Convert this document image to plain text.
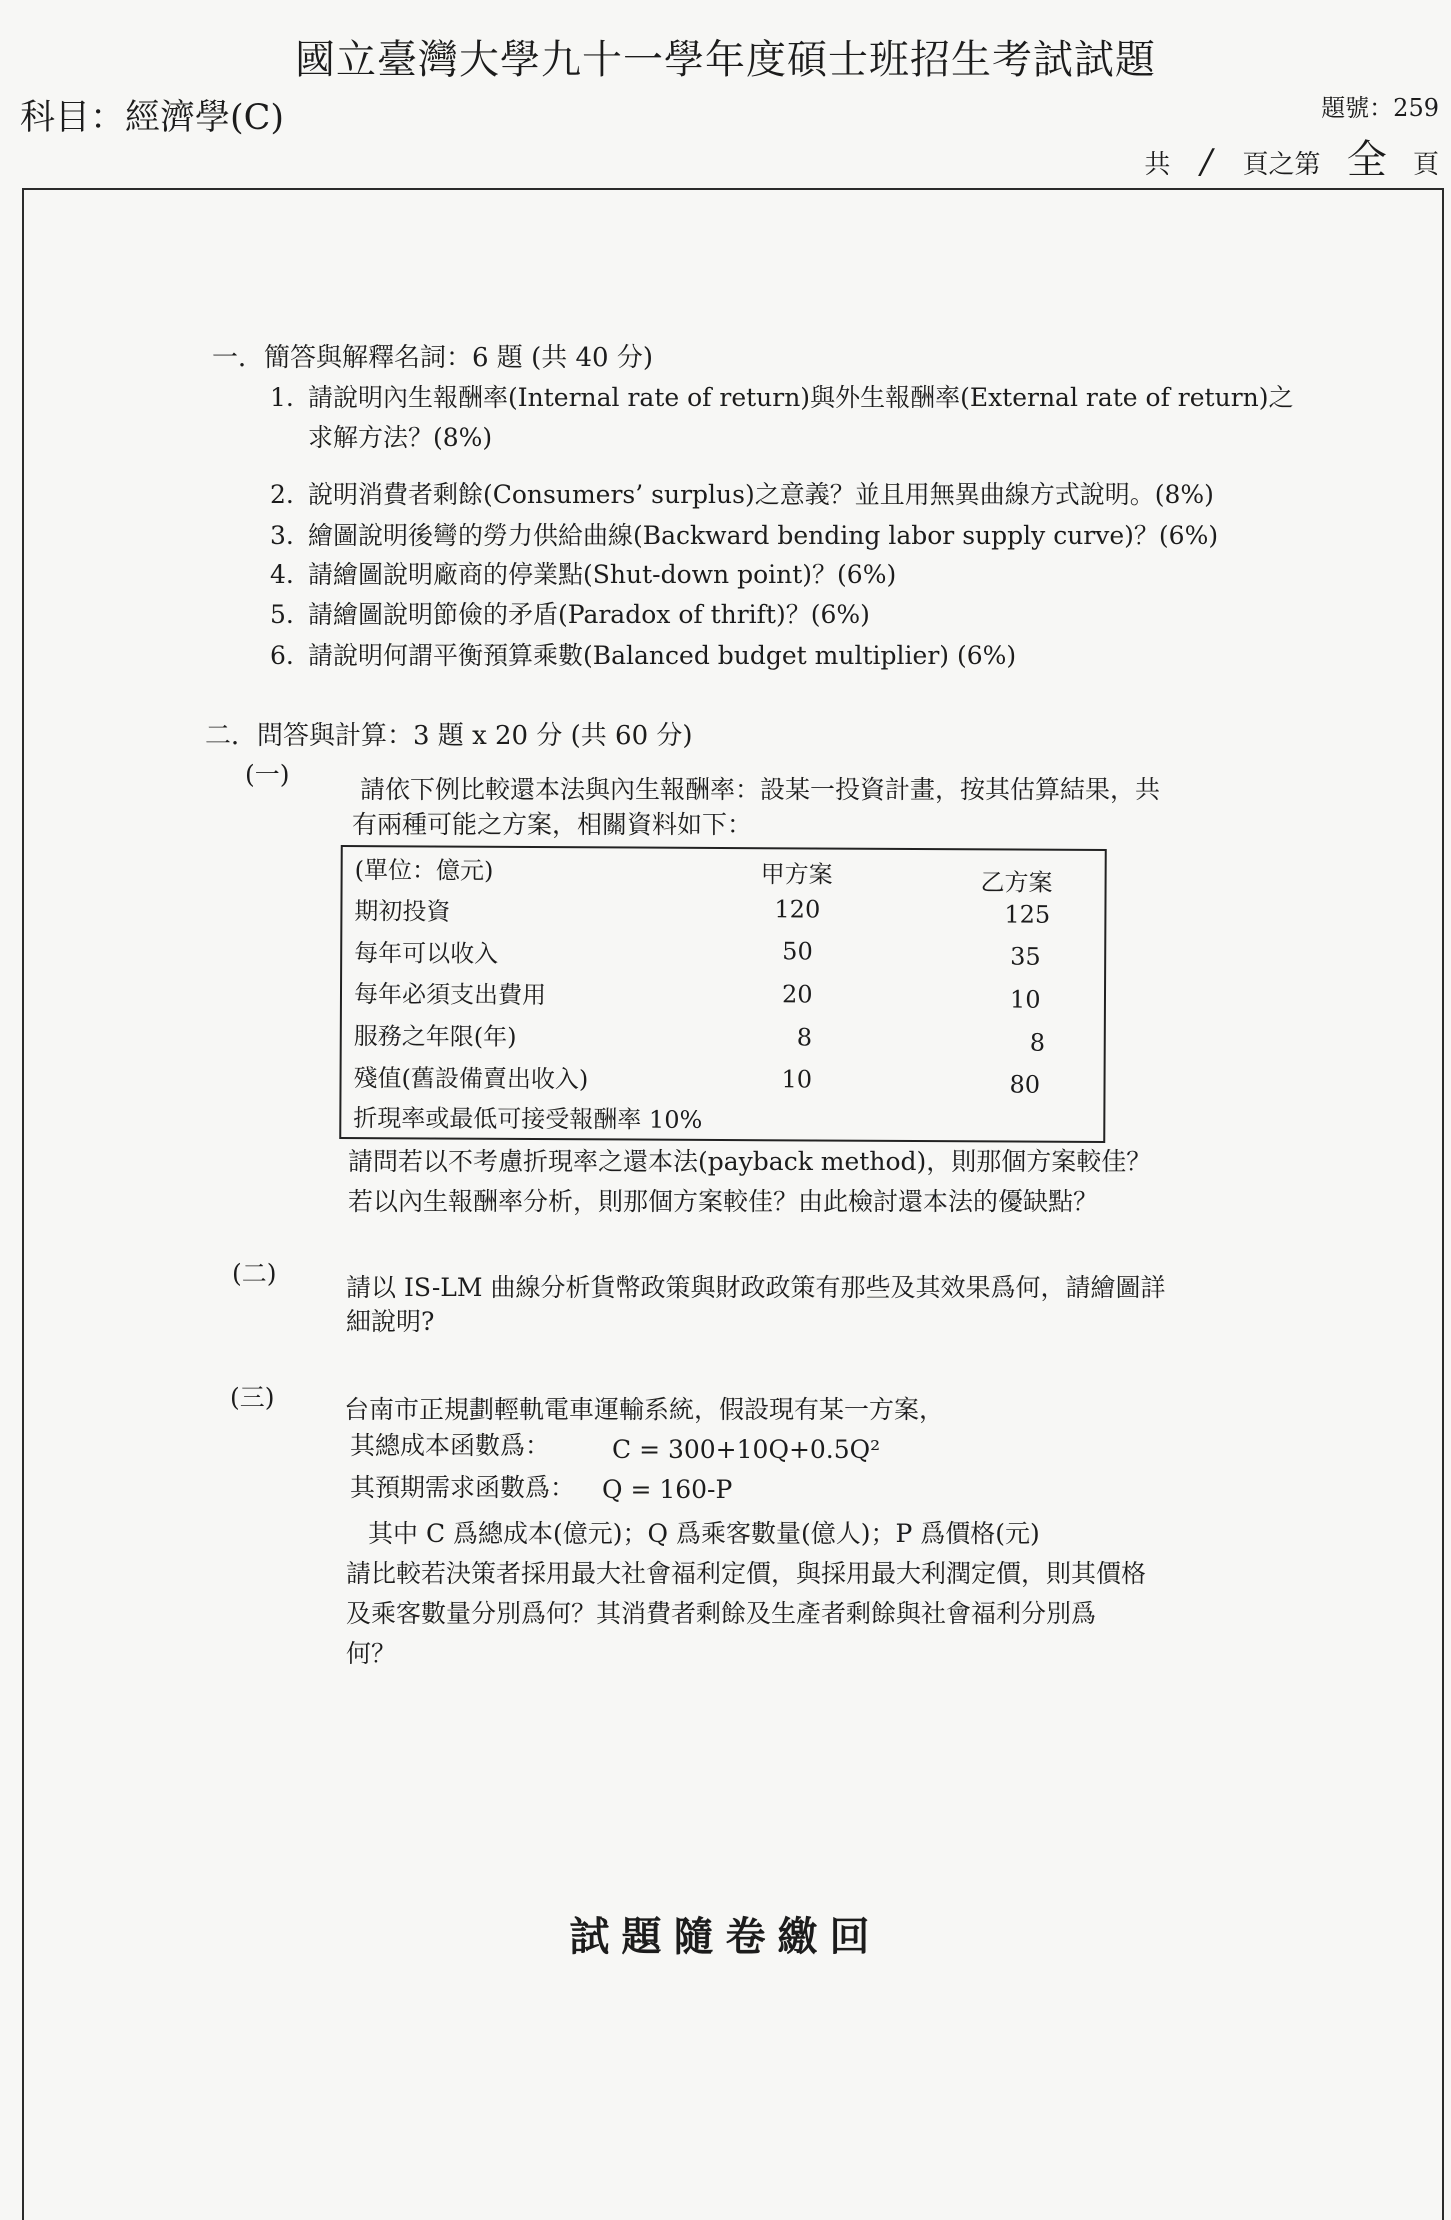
國立臺灣大學九十一學年度碩士班招生考試試題
科目：經濟學(C)	題號：259
共 / 頁之第 全 頁
一．簡答與解釋名詞：6 題 (共 40 分)
1. 請說明內生報酬率(Internal rate of return)與外生報酬率(External rate of return)之
求解方法？(8%)
2. 說明消費者剩餘(Consumers’ surplus)之意義？並且用無異曲線方式說明。(8%)
3. 繪圖說明後彎的勞力供給曲線(Backward bending labor supply curve)？(6%)
4. 請繪圖說明廠商的停業點(Shut-down point)？(6%)
5. 請繪圖說明節儉的矛盾(Paradox of thrift)？(6%)
6. 請說明何謂平衡預算乘數(Balanced budget multiplier) (6%)
二．問答與計算：3 題 x 20 分 (共 60 分)
(一)
請依下例比較還本法與內生報酬率：設某一投資計畫，按其估算結果，共
有兩種可能之方案，相關資料如下：
(單位：億元)	甲方案	乙方案
期初投資	120	125
每年可以收入	50	35
每年必須支出費用	20	10
服務之年限(年)	8	8
殘值(舊設備賣出收入)	10	80
折現率或最低可接受報酬率 10%
請問若以不考慮折現率之還本法(payback method)，則那個方案較佳？
若以內生報酬率分析，則那個方案較佳？由此檢討還本法的優缺點？
(二)	請以 IS-LM 曲線分析貨幣政策與財政政策有那些及其效果爲何，請繪圖詳
細說明?
(三)	台南市正規劃輕軌電車運輸系統，假設現有某一方案，
其總成本函數爲： C = 300+10Q+0.5Q²
其預期需求函數爲： Q = 160-P
其中 C 爲總成本(億元)；Q 爲乘客數量(億人)；P 爲價格(元)
請比較若決策者採用最大社會福利定價，與採用最大利潤定價，則其價格
及乘客數量分別爲何？其消費者剩餘及生產者剩餘與社會福利分別爲
何？
試題隨卷繳回
